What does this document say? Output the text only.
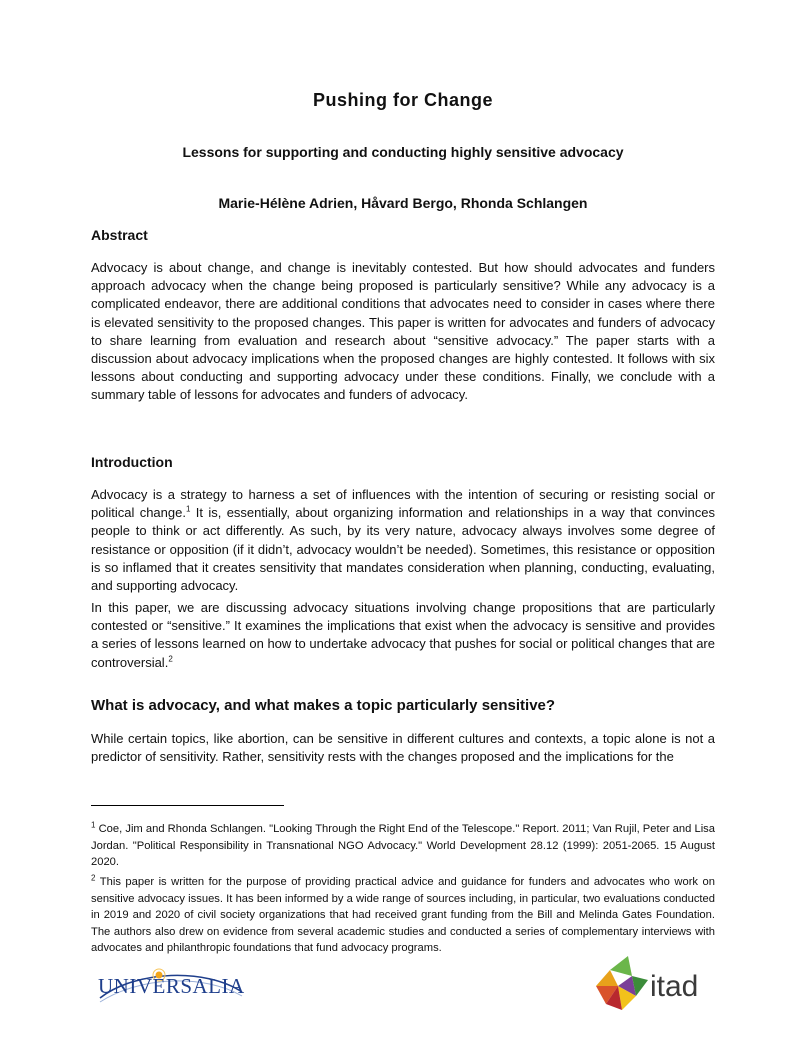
Pushing for Change
Lessons for supporting and conducting highly sensitive advocacy

Marie-Hélène Adrien, Håvard Bergo, Rhonda Schlangen

Abstract

Advocacy is about change, and change is inevitably contested. But how should advocates and funders approach advocacy when the change being proposed is particularly sensitive? While any advocacy is a complicated endeavor, there are additional conditions that advocates need to consider in cases where there is elevated sensitivity to the proposed changes. This paper is written for advocates and funders of advocacy to share learning from evaluation and research about “sensitive advocacy.” The paper starts with a discussion about advocacy implications when the proposed changes are highly contested. It follows with six lessons about conducting and supporting advocacy under these conditions. Finally, we conclude with a summary table of lessons for advocates and funders of advocacy.

Introduction

Advocacy is a strategy to harness a set of influences with the intention of securing or resisting social or political change.$^1$ It is, essentially, about organizing information and relationships in a way that convinces people to think or act differently. As such, by its very nature, advocacy always involves some degree of resistance or opposition (if it didn’t, advocacy wouldn’t be needed). Sometimes, this resistance or opposition is so inflamed that it creates sensitivity that mandates consideration when planning, conducting, evaluating, and supporting advocacy.

In this paper, we are discussing advocacy situations involving change propositions that are particularly contested or “sensitive.” It examines the implications that exist when the advocacy is sensitive and provides a series of lessons learned on how to undertake advocacy that pushes for social or political changes that are controversial.$^2$

What is advocacy, and what makes a topic particularly sensitive?

While certain topics, like abortion, can be sensitive in different cultures and contexts, a topic alone is not a predictor of sensitivity. Rather, sensitivity rests with the changes proposed and the implications for the

$^1$ Coe, Jim and Rhonda Schlangen. "Looking Through the Right End of the Telescope." Report. 2011; Van Rujil, Peter and Lisa Jordan. "Political Responsibility in Transnational NGO Advocacy." World Development 28.12 (1999): 2051-2065. 15 August 2020.

$^2$ This paper is written for the purpose of providing practical advice and guidance for funders and advocates who work on sensitive advocacy issues. It has been informed by a wide range of sources including, in particular, two evaluations conducted in 2019 and 2020 of civil society organizations that had received grant funding from the Bill and Melinda Gates Foundation. The authors also drew on evidence from several academic studies and conducted a series of complementary interviews with advocates and philanthropic foundations that fund advocacy programs.

UNIVERSALIA	itad
